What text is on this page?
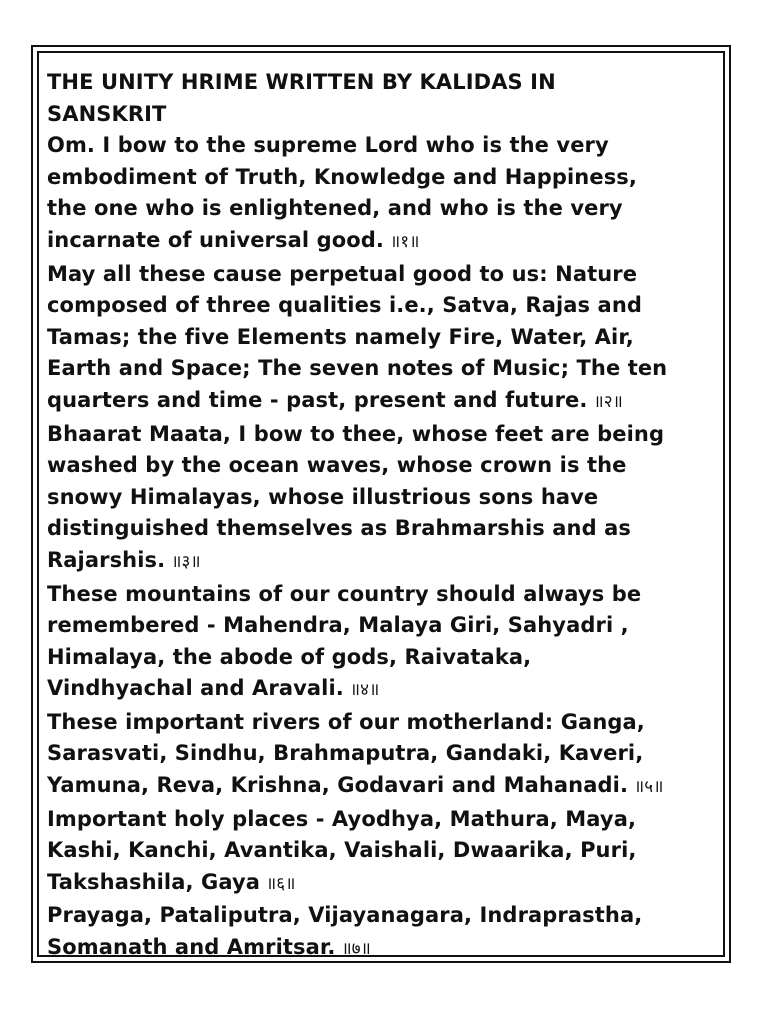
THE UNITY HRIME WRITTEN BY KALIDAS IN
SANSKRIT
Om. I bow to the supreme Lord who is the very
embodiment of Truth, Knowledge and Happiness,
the one who is enlightened, and who is the very
incarnate of universal good. ॥१॥
May all these cause perpetual good to us: Nature
composed of three qualities i.e., Satva, Rajas and
Tamas; the five Elements namely Fire, Water, Air,
Earth and Space; The seven notes of Music; The ten
quarters and time - past, present and future. ॥२॥
Bhaarat Maata, I bow to thee, whose feet are being
washed by the ocean waves, whose crown is the
snowy Himalayas, whose illustrious sons have
distinguished themselves as Brahmarshis and as
Rajarshis. ॥३॥
These mountains of our country should always be
remembered - Mahendra, Malaya Giri, Sahyadri ,
Himalaya, the abode of gods, Raivataka,
Vindhyachal and Aravali. ॥४॥
These important rivers of our motherland: Ganga,
Sarasvati, Sindhu, Brahmaputra, Gandaki, Kaveri,
Yamuna, Reva, Krishna, Godavari and Mahanadi. ॥५॥
Important holy places - Ayodhya, Mathura, Maya,
Kashi, Kanchi, Avantika, Vaishali, Dwaarika, Puri,
Takshashila, Gaya ॥६॥
Prayaga, Pataliputra, Vijayanagara, Indraprastha,
Somanath and Amritsar. ॥७॥
